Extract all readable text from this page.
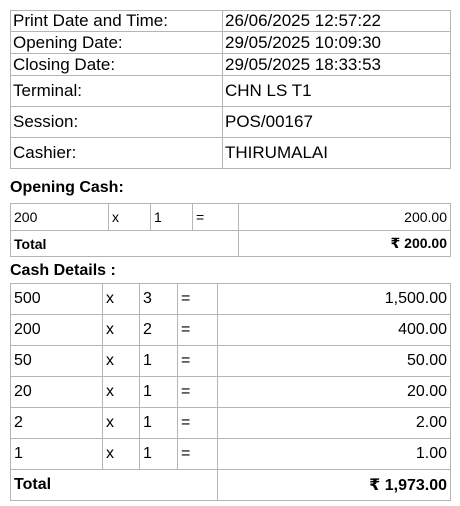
Print Date and Time:	26/06/2025 12:57:22
Opening Date:	29/05/2025 10:09:30
Closing Date:	29/05/2025 18:33:53
Terminal:	CHN LS T1
Session:	POS/00167
Cashier:	THIRUMALAI
Opening Cash:
200	x	1	=	200.00
Total				₹ 200.00
Cash Details :
500	x	3	=	1,500.00
200	x	2	=	400.00
50	x	1	=	50.00
20	x	1	=	20.00
2	x	1	=	2.00
1	x	1	=	1.00
Total				₹ 1,973.00
